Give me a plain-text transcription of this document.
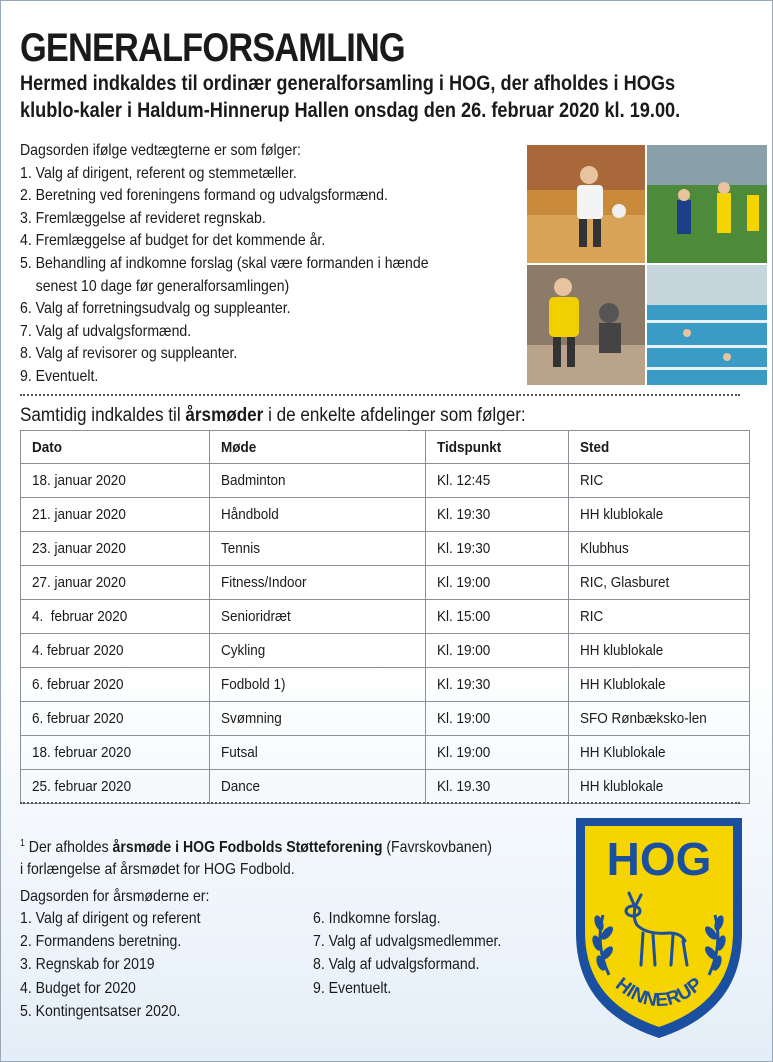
GENERALFORSAMLING
Hermed indkaldes til ordinær generalforsamling i HOG, der afholdes i HOGs
klublo-kaler i Haldum-Hinnerup Hallen onsdag den 26. februar 2020 kl. 19.00.
Dagsorden ifølge vedtægterne er som følger:
1. Valg af dirigent, referent og stemmetæller.
2. Beretning ved foreningens formand og udvalgsformænd.
3. Fremlæggelse af revideret regnskab.
4. Fremlæggelse af budget for det kommende år.
5. Behandling af indkomne forslag (skal være formanden i hænde
senest 10 dage før generalforsamlingen)
6. Valg af forretningsudvalg og suppleanter.
7. Valg af udvalgsformænd.
8. Valg af revisorer og suppleanter.
9. Eventuelt.
Samtidig indkaldes til årsmøder i de enkelte afdelinger som følger:
Dato	Møde	Tidspunkt	Sted
18. januar 2020	Badminton	Kl. 12:45	RIC
21. januar 2020	Håndbold	Kl. 19:30	HH klublokale
23. januar 2020	Tennis	Kl. 19:30	Klubhus
27. januar 2020	Fitness/Indoor	Kl. 19:00	RIC, Glasburet
4.  februar 2020	Senioridræt	Kl. 15:00	RIC
4. februar 2020	Cykling	Kl. 19:00	HH klublokale
6. februar 2020	Fodbold 1)	Kl. 19:30	HH Klublokale
6. februar 2020	Svømning	Kl. 19:00	SFO Rønbæksko-len
18. februar 2020	Futsal	Kl. 19:00	HH Klublokale
25. februar 2020	Dance	Kl. 19.30	HH klublokale
$^1$ Der afholdes årsmøde i HOG Fodbolds Støtteforening (Favrskovbanen)
i forlængelse af årsmødet for HOG Fodbold.
Dagsorden for årsmøderne er:
1. Valg af dirigent og referent
2. Formandens beretning.
3. Regnskab for 2019
4. Budget for 2020
5. Kontingentsatser 2020.
6. Indkomne forslag.
7. Valg af udvalgsmedlemmer.
8. Valg af udvalgsformand.
9. Eventuelt.
HOG
HINNERUP
